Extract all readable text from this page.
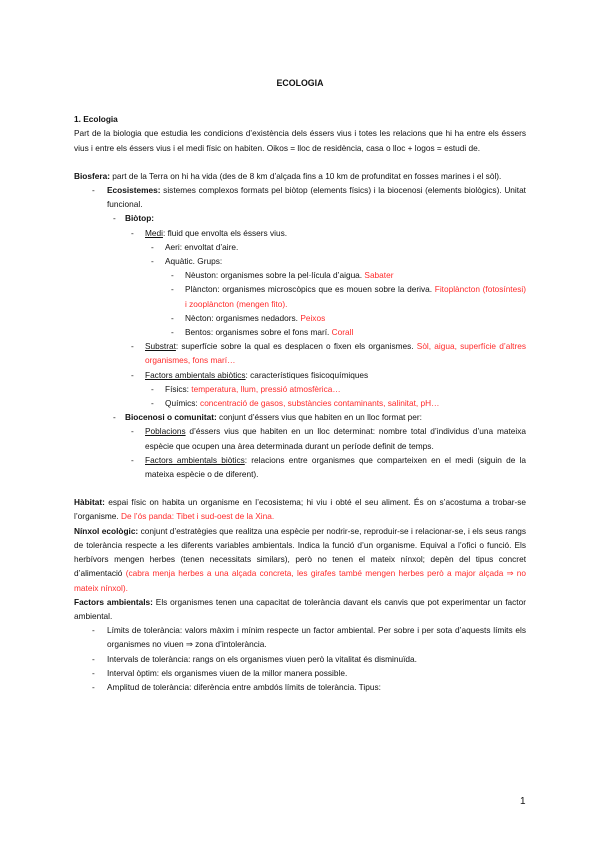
ECOLOGIA

1. Ecologia

Part de la biologia que estudia les condicions d’existència dels éssers vius i totes les relacions que hi ha entre els éssers vius i entre els éssers vius i el medi físic on habiten. Oikos = lloc de residència, casa o lloc + logos = estudi de.

Biosfera: part de la Terra on hi ha vida (des de 8 km d’alçada fins a 10 km de profunditat en fosses marines i el sòl).

- Ecosistemes: sistemes complexos formats pel biòtop (elements físics) i la biocenosi (elements biològics). Unitat funcional.
- Biòtop:
- Medi: fluid que envolta els éssers vius.
- Aeri: envoltat d’aire.
- Aquàtic. Grups:
- Nèuston: organismes sobre la pel·lícula d’aigua. Sabater
- Plàncton: organismes microscòpics que es mouen sobre la deriva. Fitoplàncton (fotosíntesi) i zooplàncton (mengen fito).
- Nècton: organismes nedadors. Peixos
- Bentos: organismes sobre el fons marí. Corall
- Substrat: superfície sobre la qual es desplacen o fixen els organismes. Sòl, aigua, superfície d’altres organismes, fons marí…
- Factors ambientals abiòtics: característiques fisicoquímiques
- Físics: temperatura, llum, pressió atmosfèrica…
- Químics: concentració de gasos, substàncies contaminants, salinitat, pH…
- Biocenosi o comunitat: conjunt d’éssers vius que habiten en un lloc format per:
- Poblacions d’éssers vius que habiten en un lloc determinat: nombre total d’individus d’una mateixa espècie que ocupen una àrea determinada durant un període definit de temps.
- Factors ambientals biòtics: relacions entre organismes que comparteixen en el medi (siguin de la mateixa espècie o de diferent).

Hàbitat: espai físic on habita un organisme en l’ecosistema; hi viu i obté el seu aliment. És on s’acostuma a trobar-se l’organisme. De l’ós panda: Tibet i sud-oest de la Xina.

Nínxol ecològic: conjunt d’estratègies que realitza una espècie per nodrir-se, reproduir-se i relacionar-se, i els seus rangs de tolerància respecte a les diferents variables ambientals. Indica la funció d’un organisme. Equival a l’ofici o funció. Els herbívors mengen herbes (tenen necessitats similars), però no tenen el mateix nínxol; depèn del tipus concret d’alimentació (cabra menja herbes a una alçada concreta, les girafes també mengen herbes però a major alçada ⇒ no mateix nínxol).

Factors ambientals: Els organismes tenen una capacitat de tolerància davant els canvis que pot experimentar un factor ambiental.

- Límits de tolerància: valors màxim i mínim respecte un factor ambiental. Per sobre i per sota d’aquests límits els organismes no viuen ⇒ zona d’intolerància.
- Intervals de tolerància: rangs on els organismes viuen però la vitalitat és disminuïda.
- Interval òptim: els organismes viuen de la millor manera possible.
- Amplitud de tolerància: diferència entre ambdós límits de tolerància. Tipus:
1
